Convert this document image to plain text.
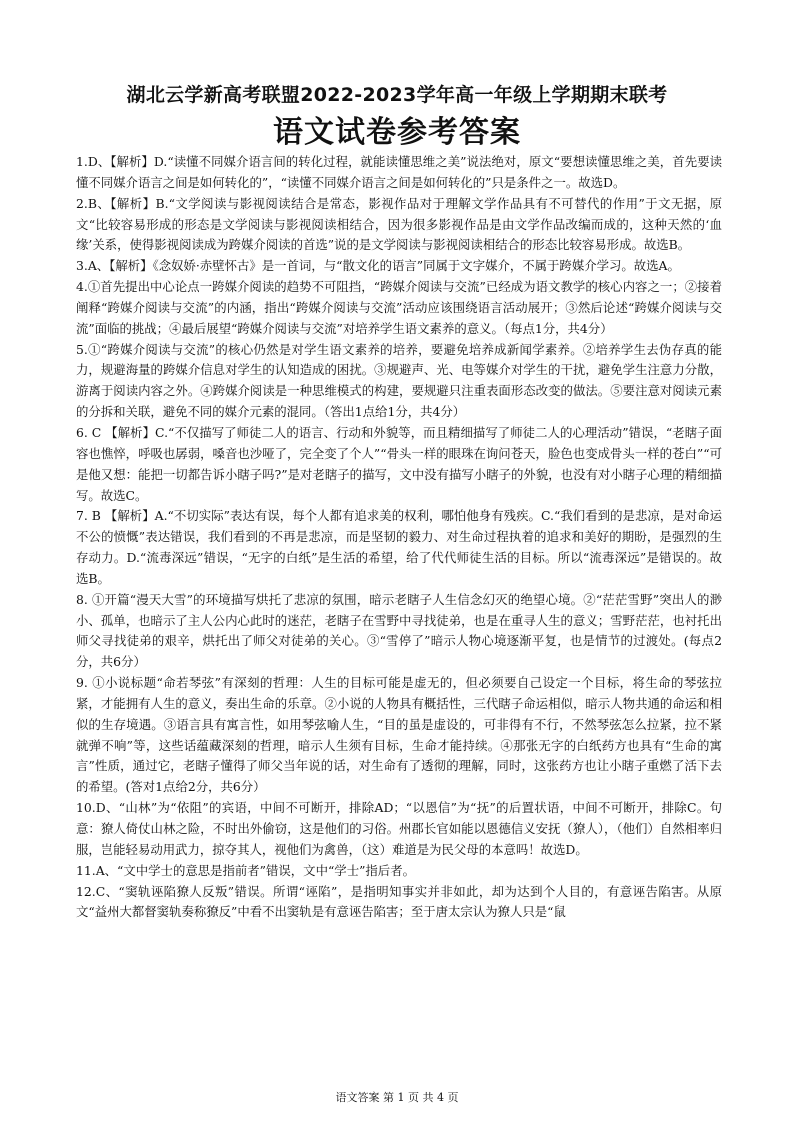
湖北云学新高考联盟2022-2023学年高一年级上学期期末联考
语文试卷参考答案

1.D、【解析】D.“读懂不同媒介语言间的转化过程，就能读懂思维之美”说法绝对，原文“要想读懂思维之美，首先要读懂不同媒介语言之间是如何转化的”，“读懂不同媒介语言之间是如何转化的”只是条件之一。故选D。

2.B、【解析】B.“文学阅读与影视阅读结合是常态，影视作品对于理解文学作品具有不可替代的作用”于文无据，原文“比较容易形成的形态是文学阅读与影视阅读相结合，因为很多影视作品是由文学作品改编而成的，这种天然的‘血缘’关系，使得影视阅读成为跨媒介阅读的首选”说的是文学阅读与影视阅读相结合的形态比较容易形成。故选B。

3.A、【解析】《念奴娇·赤壁怀古》是一首词，与“散文化的语言”同属于文字媒介，不属于跨媒介学习。故选A。

4.①首先提出中心论点一跨媒介阅读的趋势不可阻挡，“跨媒介阅读与交流”已经成为语文教学的核心内容之一；②接着阐释“跨媒介阅读与交流”的内涵，指出“跨媒介阅读与交流”活动应该围绕语言活动展开；③然后论述“跨媒介阅读与交流”面临的挑战；④最后展望“跨媒介阅读与交流”对培养学生语文素养的意义。（每点1分，共4分）

5.①“跨媒介阅读与交流”的核心仍然是对学生语文素养的培养，要避免培养成新闻学素养。②培养学生去伪存真的能力，规避海量的跨媒介信息对学生的认知造成的困扰。③规避声、光、电等媒介对学生的干扰，避免学生注意力分散，游离于阅读内容之外。④跨媒介阅读是一种思维模式的构建，要规避只注重表面形态改变的做法。⑤要注意对阅读元素的分拆和关联，避免不同的媒介元素的混同。（答出1点给1分，共4分）

6. C 【解析】C.“不仅描写了师徒二人的语言、行动和外貌等，而且精细描写了师徒二人的心理活动”错误，“老瞎子面容也憔悴，呼吸也孱弱，嗓音也沙哑了，完全变了个人”“骨头一样的眼珠在询问苍天，脸色也变成骨头一样的苍白”“可是他又想：能把一切都告诉小瞎子吗?”是对老瞎子的描写，文中没有描写小瞎子的外貌，也没有对小瞎子心理的精细描写。故选C。

7. B 【解析】A.“不切实际”表达有误，每个人都有追求美的权利，哪怕他身有残疾。C.“我们看到的是悲凉，是对命运不公的愤慨”表达错误，我们看到的不再是悲凉，而是坚韧的毅力、对生命过程执着的追求和美好的期盼，是强烈的生存动力。D.“流毒深远”错误，“无字的白纸”是生活的希望，给了代代师徒生活的目标。所以“流毒深远”是错误的。故选B。

8. ①开篇“漫天大雪”的环境描写烘托了悲凉的氛围，暗示老瞎子人生信念幻灭的绝望心境。②“茫茫雪野”突出人的渺小、孤单，也暗示了主人公内心此时的迷茫，老瞎子在雪野中寻找徒弟，也是在重寻人生的意义；雪野茫茫，也衬托出师父寻找徒弟的艰辛，烘托出了师父对徒弟的关心。③“雪停了”暗示人物心境逐渐平复，也是情节的过渡处。(每点2分，共6分）

9. ①小说标题“命若琴弦”有深刻的哲理：人生的目标可能是虚无的，但必须要自己设定一个目标，将生命的琴弦拉紧，才能拥有人生的意义，奏出生命的乐章。②小说的人物具有概括性，三代瞎子命运相似，暗示人物共通的命运和相似的生存境遇。③语言具有寓言性，如用琴弦喻人生，“目的虽是虚设的，可非得有不行，不然琴弦怎么拉紧，拉不紧就弹不响”等，这些话蕴藏深刻的哲理，暗示人生须有目标，生命才能持续。④那张无字的白纸药方也具有“生命的寓言”性质，通过它，老瞎子懂得了师父当年说的话，对生命有了透彻的理解，同时，这张药方也让小瞎子重燃了活下去的希望。(答对1点给2分，共6分）

10.D、“山林”为“依阻”的宾语，中间不可断开，排除AD；“以恩信”为“抚”的后置状语，中间不可断开，排除C。句意：獠人倚仗山林之险，不时出外偷窃，这是他们的习俗。州郡长官如能以恩德信义安抚（獠人），（他们）自然相率归服，岂能轻易动用武力，掠夺其人，视他们为禽兽，（这）难道是为民父母的本意吗！故选D。

11.A、“文中学士的意思是指前者”错误，文中“学士”指后者。

12.C、“窦轨诬陷獠人反叛”错误。所谓“诬陷”，是指明知事实并非如此，却为达到个人目的，有意诬告陷害。从原文“益州大都督窦轨奏称獠反”中看不出窦轨是有意诬告陷害；至于唐太宗认为獠人只是“鼠

语文答案 第 1 页 共 4 页
